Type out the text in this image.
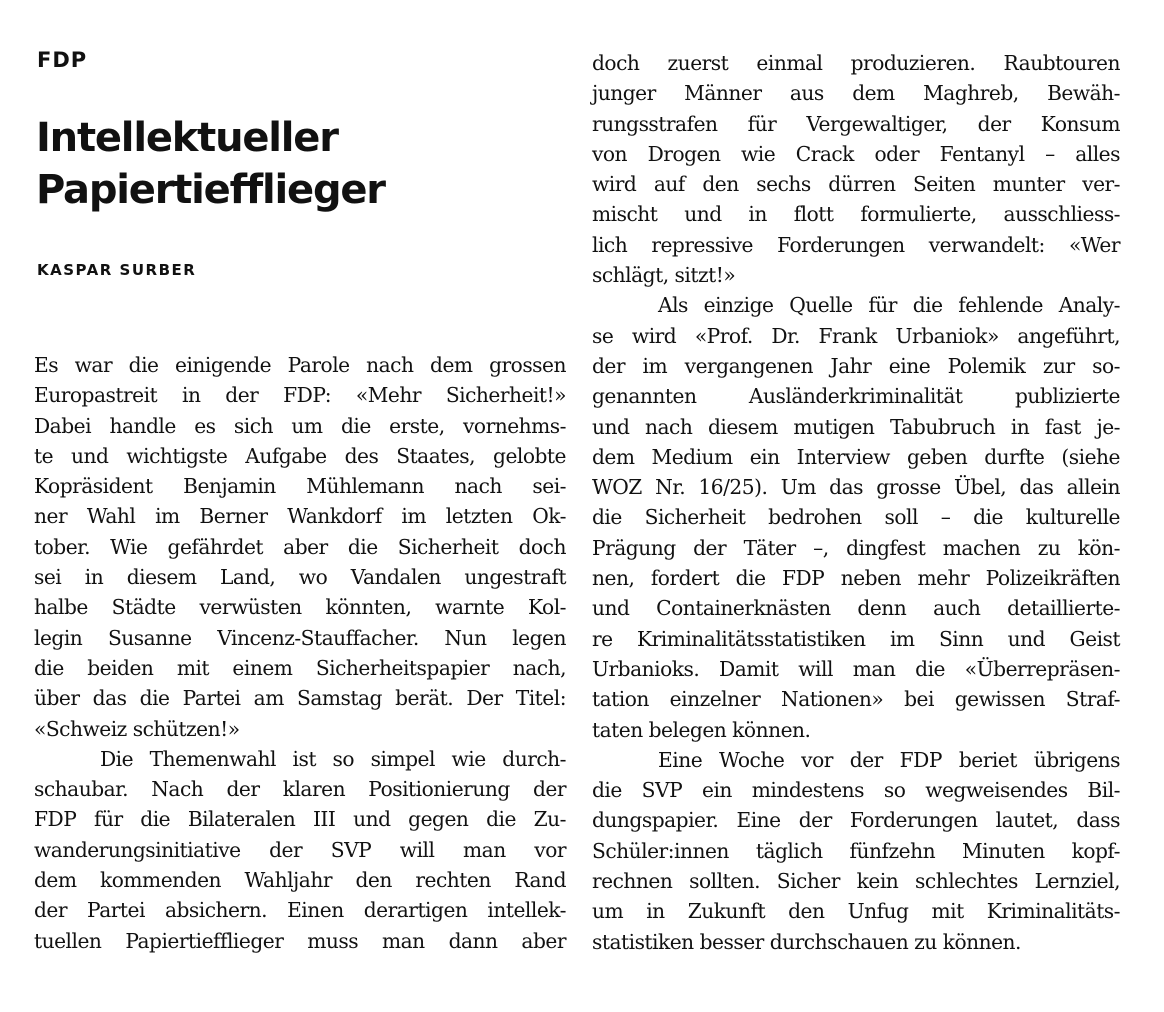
FDP
Intellektueller Papiertiefflieger
KASPAR SURBER
Es war die einigende Parole nach dem grossen
Europastreit in der FDP: «Mehr Sicherheit!»
Dabei handle es sich um die erste, vornehms-
te und wichtigste Aufgabe des Staates, gelobte
Kopräsident Benjamin Mühlemann nach sei-
ner Wahl im Berner Wankdorf im letzten Ok-
tober. Wie gefährdet aber die Sicherheit doch
sei in diesem Land, wo Vandalen ungestraft
halbe Städte verwüsten könnten, warnte Kol-
legin Susanne Vincenz-Stauffacher. Nun legen
die beiden mit einem Sicherheitspapier nach,
über das die Partei am Samstag berät. Der Titel:
«Schweiz schützen!»
Die Themenwahl ist so simpel wie durch-
schaubar. Nach der klaren Positionierung der
FDP für die Bilateralen III und gegen die Zu-
wanderungsinitiative der SVP will man vor
dem kommenden Wahljahr den rechten Rand
der Partei absichern. Einen derartigen intellek-
tuellen Papiertiefflieger muss man dann aber
doch zuerst einmal produzieren. Raubtouren
junger Männer aus dem Maghreb, Bewäh-
rungsstrafen für Vergewaltiger, der Konsum
von Drogen wie Crack oder Fentanyl – alles
wird auf den sechs dürren Seiten munter ver-
mischt und in flott formulierte, ausschliess-
lich repressive Forderungen verwandelt: «Wer
schlägt, sitzt!»
Als einzige Quelle für die fehlende Analy-
se wird «Prof. Dr. Frank Urbaniok» angeführt,
der im vergangenen Jahr eine Polemik zur so-
genannten Ausländerkriminalität publizierte
und nach diesem mutigen Tabubruch in fast je-
dem Medium ein Interview geben durfte (siehe
WOZ Nr. 16/25). Um das grosse Übel, das allein
die Sicherheit bedrohen soll – die kulturelle
Prägung der Täter –, dingfest machen zu kön-
nen, fordert die FDP neben mehr Polizeikräften
und Containerknästen denn auch detaillierte-
re Kriminalitätsstatistiken im Sinn und Geist
Urbanioks. Damit will man die «Überrepräsen-
tation einzelner Nationen» bei gewissen Straf-
taten belegen können.
Eine Woche vor der FDP beriet übrigens
die SVP ein mindestens so wegweisendes Bil-
dungspapier. Eine der Forderungen lautet, dass
Schüler:innen täglich fünfzehn Minuten kopf-
rechnen sollten. Sicher kein schlechtes Lernziel,
um in Zukunft den Unfug mit Kriminalitäts-
statistiken besser durchschauen zu können.
